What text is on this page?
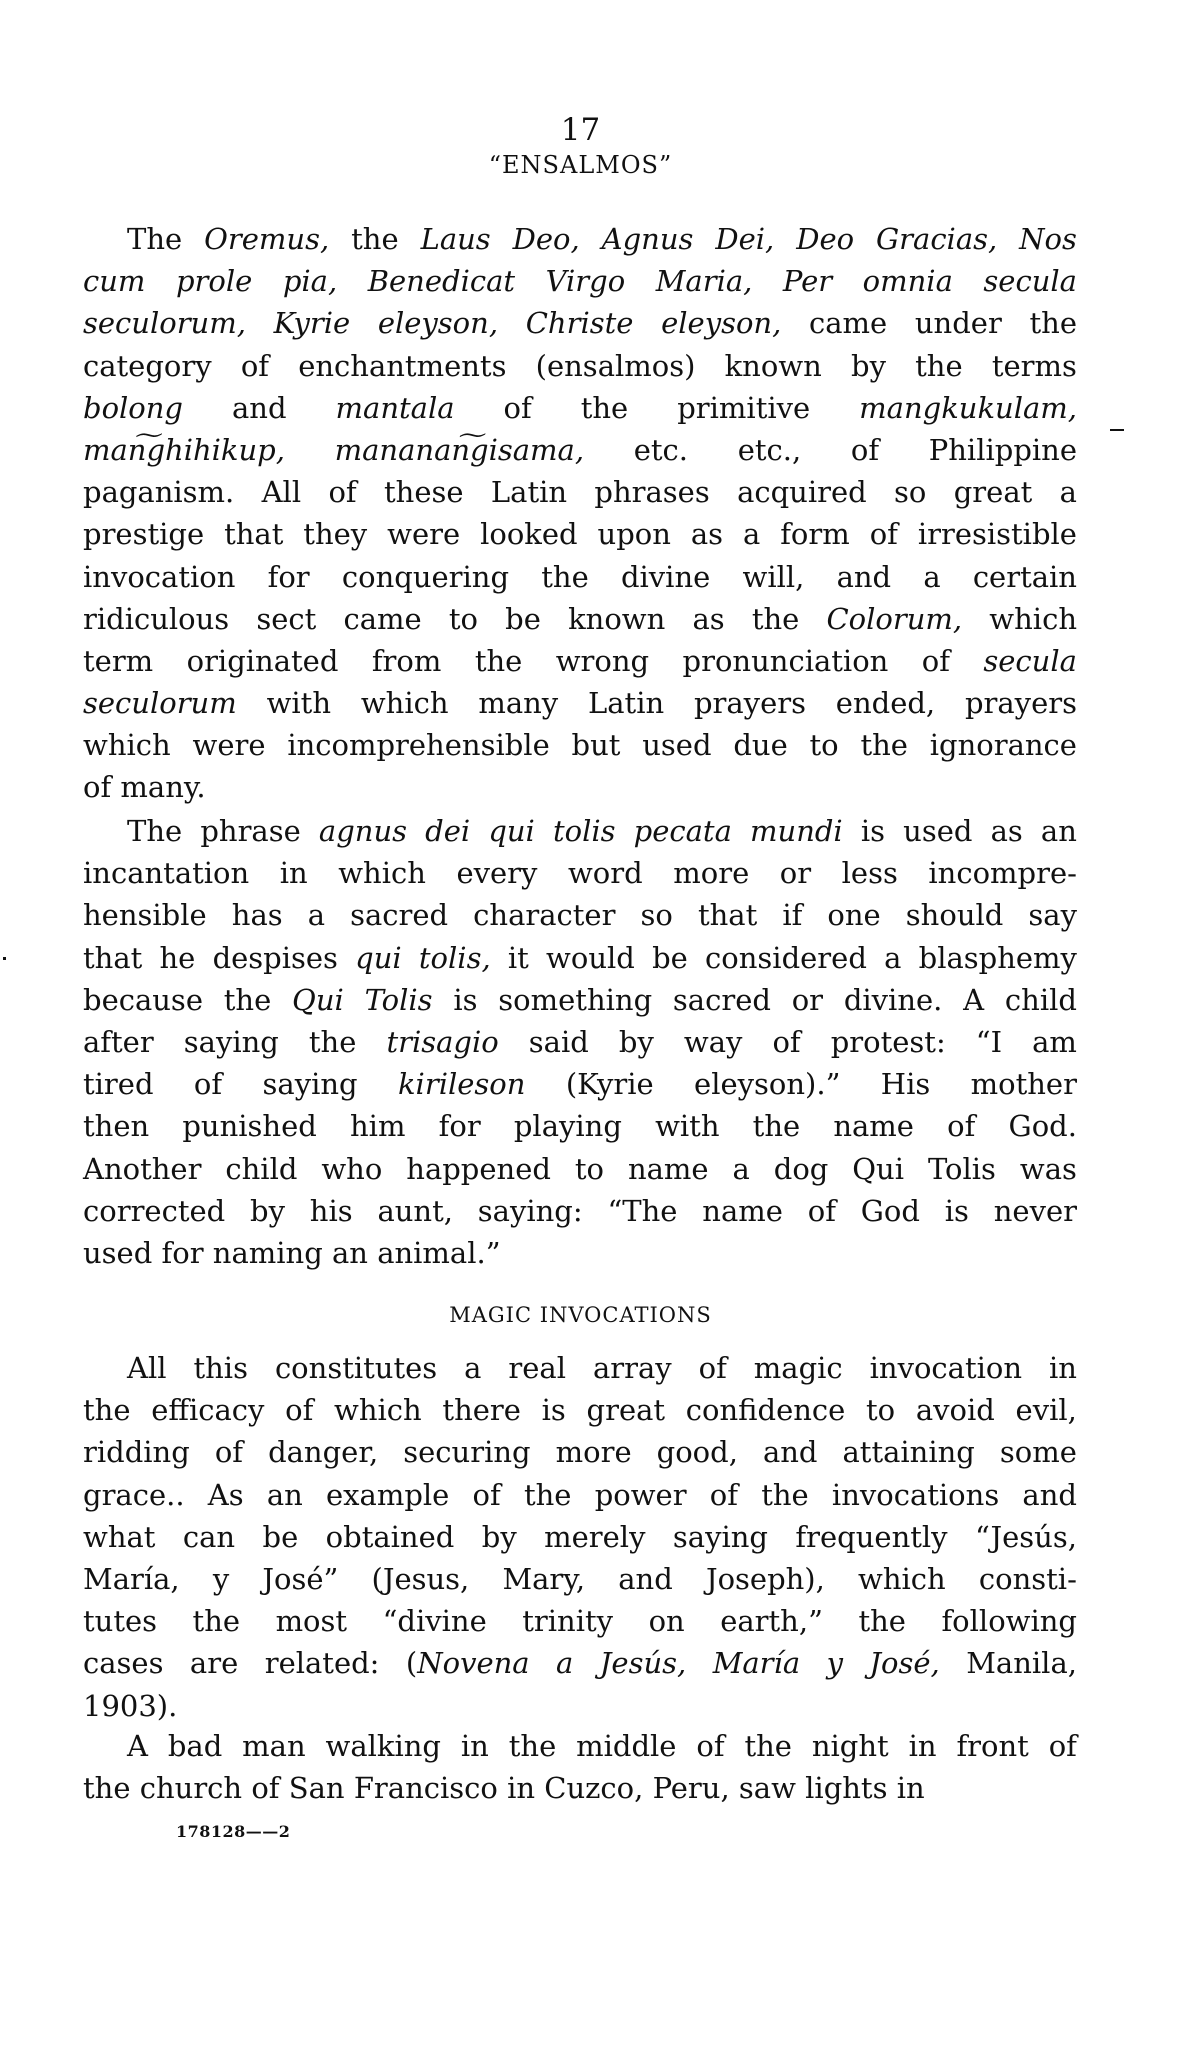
17
“ENSALMOS”
The Oremus, the Laus Deo, Agnus Dei, Deo Gracias, Nos
cum prole pia, Benedicat Virgo Maria, Per omnia secula
seculorum, Kyrie eleyson, Christe eleyson, came under the
category of enchantments (ensalmos) known by the terms
bolong and mantala of the primitive mangkukulam,
man͠ghihikup, mananan͠gisama, etc. etc., of Philippine
paganism. All of these Latin phrases acquired so great a
prestige that they were looked upon as a form of irresistible
invocation for conquering the divine will, and a certain
ridiculous sect came to be known as the Colorum, which
term originated from the wrong pronunciation of secula
seculorum with which many Latin prayers ended, prayers
which were incomprehensible but used due to the ignorance
of
many.
The phrase agnus dei qui tolis pecata mundi is used as an
incantation in which every word more or less incompre-
hensible has a sacred character so that if one should say
that he despises qui tolis, it would be considered a blasphemy
because the Qui Tolis is something sacred or divine. A child
after saying the trisagio said by way of protest: “I am
tired of saying kirileson (Kyrie eleyson).” His mother
then punished him for playing with the name of God.
Another child who happened to name a dog Qui Tolis was
corrected by his aunt, saying: “The name of God is never
used
for
naming
an
animal.”
MAGIC INVOCATIONS
All this constitutes a real array of magic invocation in
the efficacy of which there is great confidence to avoid evil,
ridding of danger, securing more good, and attaining some
grace.. As an example of the power of the invocations and
what can be obtained by merely saying frequently “Jesús,
María, y José” (Jesus, Mary, and Joseph), which consti-
tutes the most “divine trinity on earth,” the following
cases are related: (Novena a Jesús, María y José, Manila,
1903).
A bad man walking in the middle of the night in front of
the
church
of
San
Francisco
in
Cuzco,
Peru,
saw
lights
in
178128——2
